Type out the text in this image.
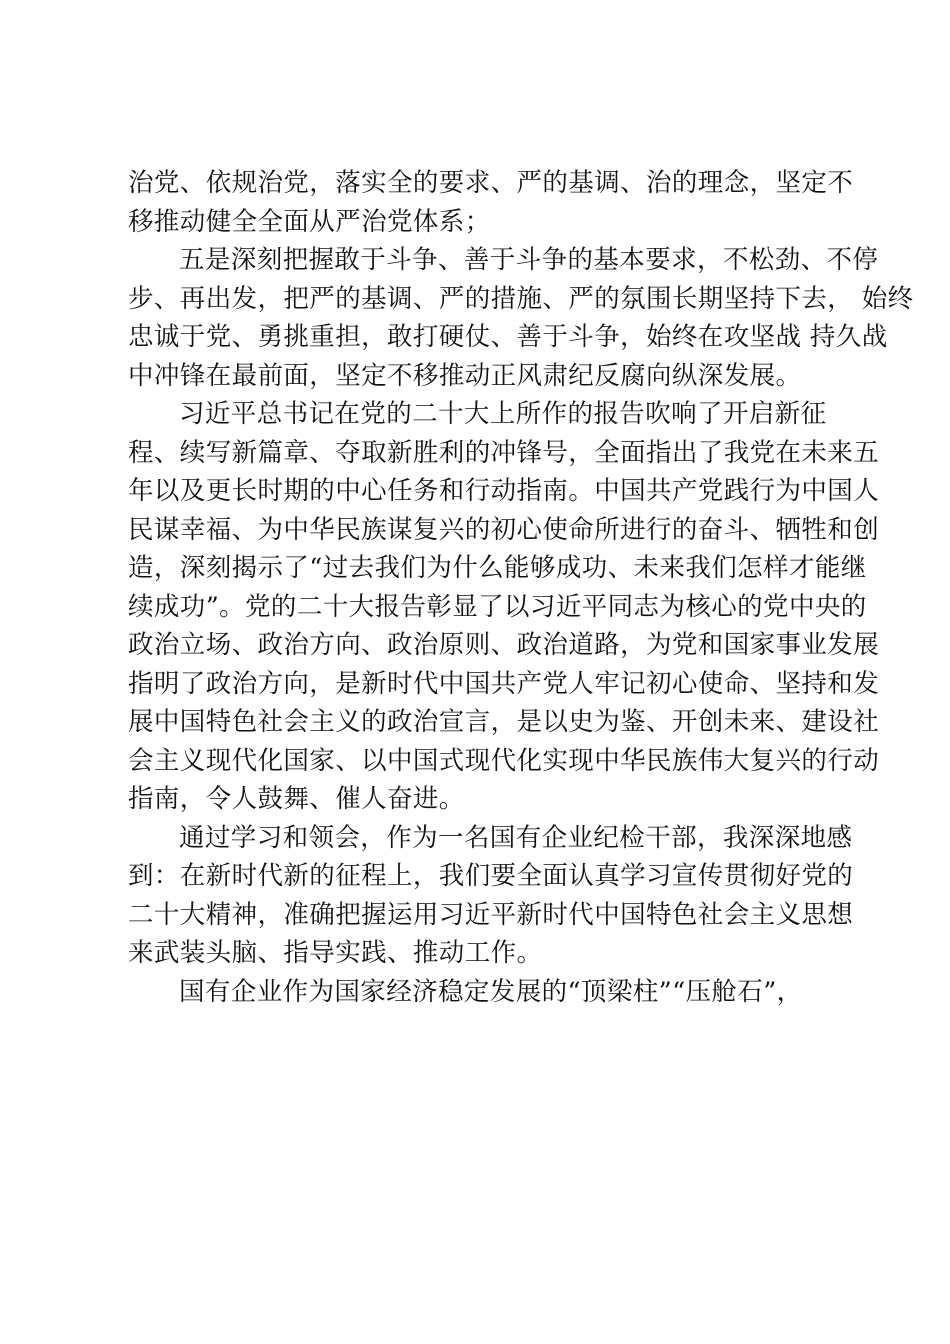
治党、依规治党，落实全的要求、严的基调、治的理念，坚定不
移推动健全全面从严治党体系；
五是深刻把握敢于斗争、善于斗争的基本要求，不松劲、不停
步、再出发，把严的基调、严的措施、严的氛围长期坚持下去， 始终
忠诚于党、勇挑重担，敢打硬仗、善于斗争，始终在攻坚战 持久战
中冲锋在最前面，坚定不移推动正风肃纪反腐向纵深发展。
习近平总书记在党的二十大上所作的报告吹响了开启新征
程、续写新篇章、夺取新胜利的冲锋号，全面指出了我党在未来五
年以及更长时期的中心任务和行动指南。中国共产党践行为中国人
民谋幸福、为中华民族谋复兴的初心使命所进行的奋斗、牺牲和创
造，深刻揭示了“过去我们为什么能够成功、未来我们怎样才能继
续成功”。党的二十大报告彰显了以习近平同志为核心的党中央的
政治立场、政治方向、政治原则、政治道路，为党和国家事业发展
指明了政治方向，是新时代中国共产党人牢记初心使命、坚持和发
展中国特色社会主义的政治宣言，是以史为鉴、开创未来、建设社
会主义现代化国家、以中国式现代化实现中华民族伟大复兴的行动
指南，令人鼓舞、催人奋进。
通过学习和领会，作为一名国有企业纪检干部，我深深地感
到：在新时代新的征程上，我们要全面认真学习宣传贯彻好党的
二十大精神，准确把握运用习近平新时代中国特色社会主义思想
来武装头脑、指导实践、推动工作。
国有企业作为国家经济稳定发展的“顶梁柱”“压舱石”，
